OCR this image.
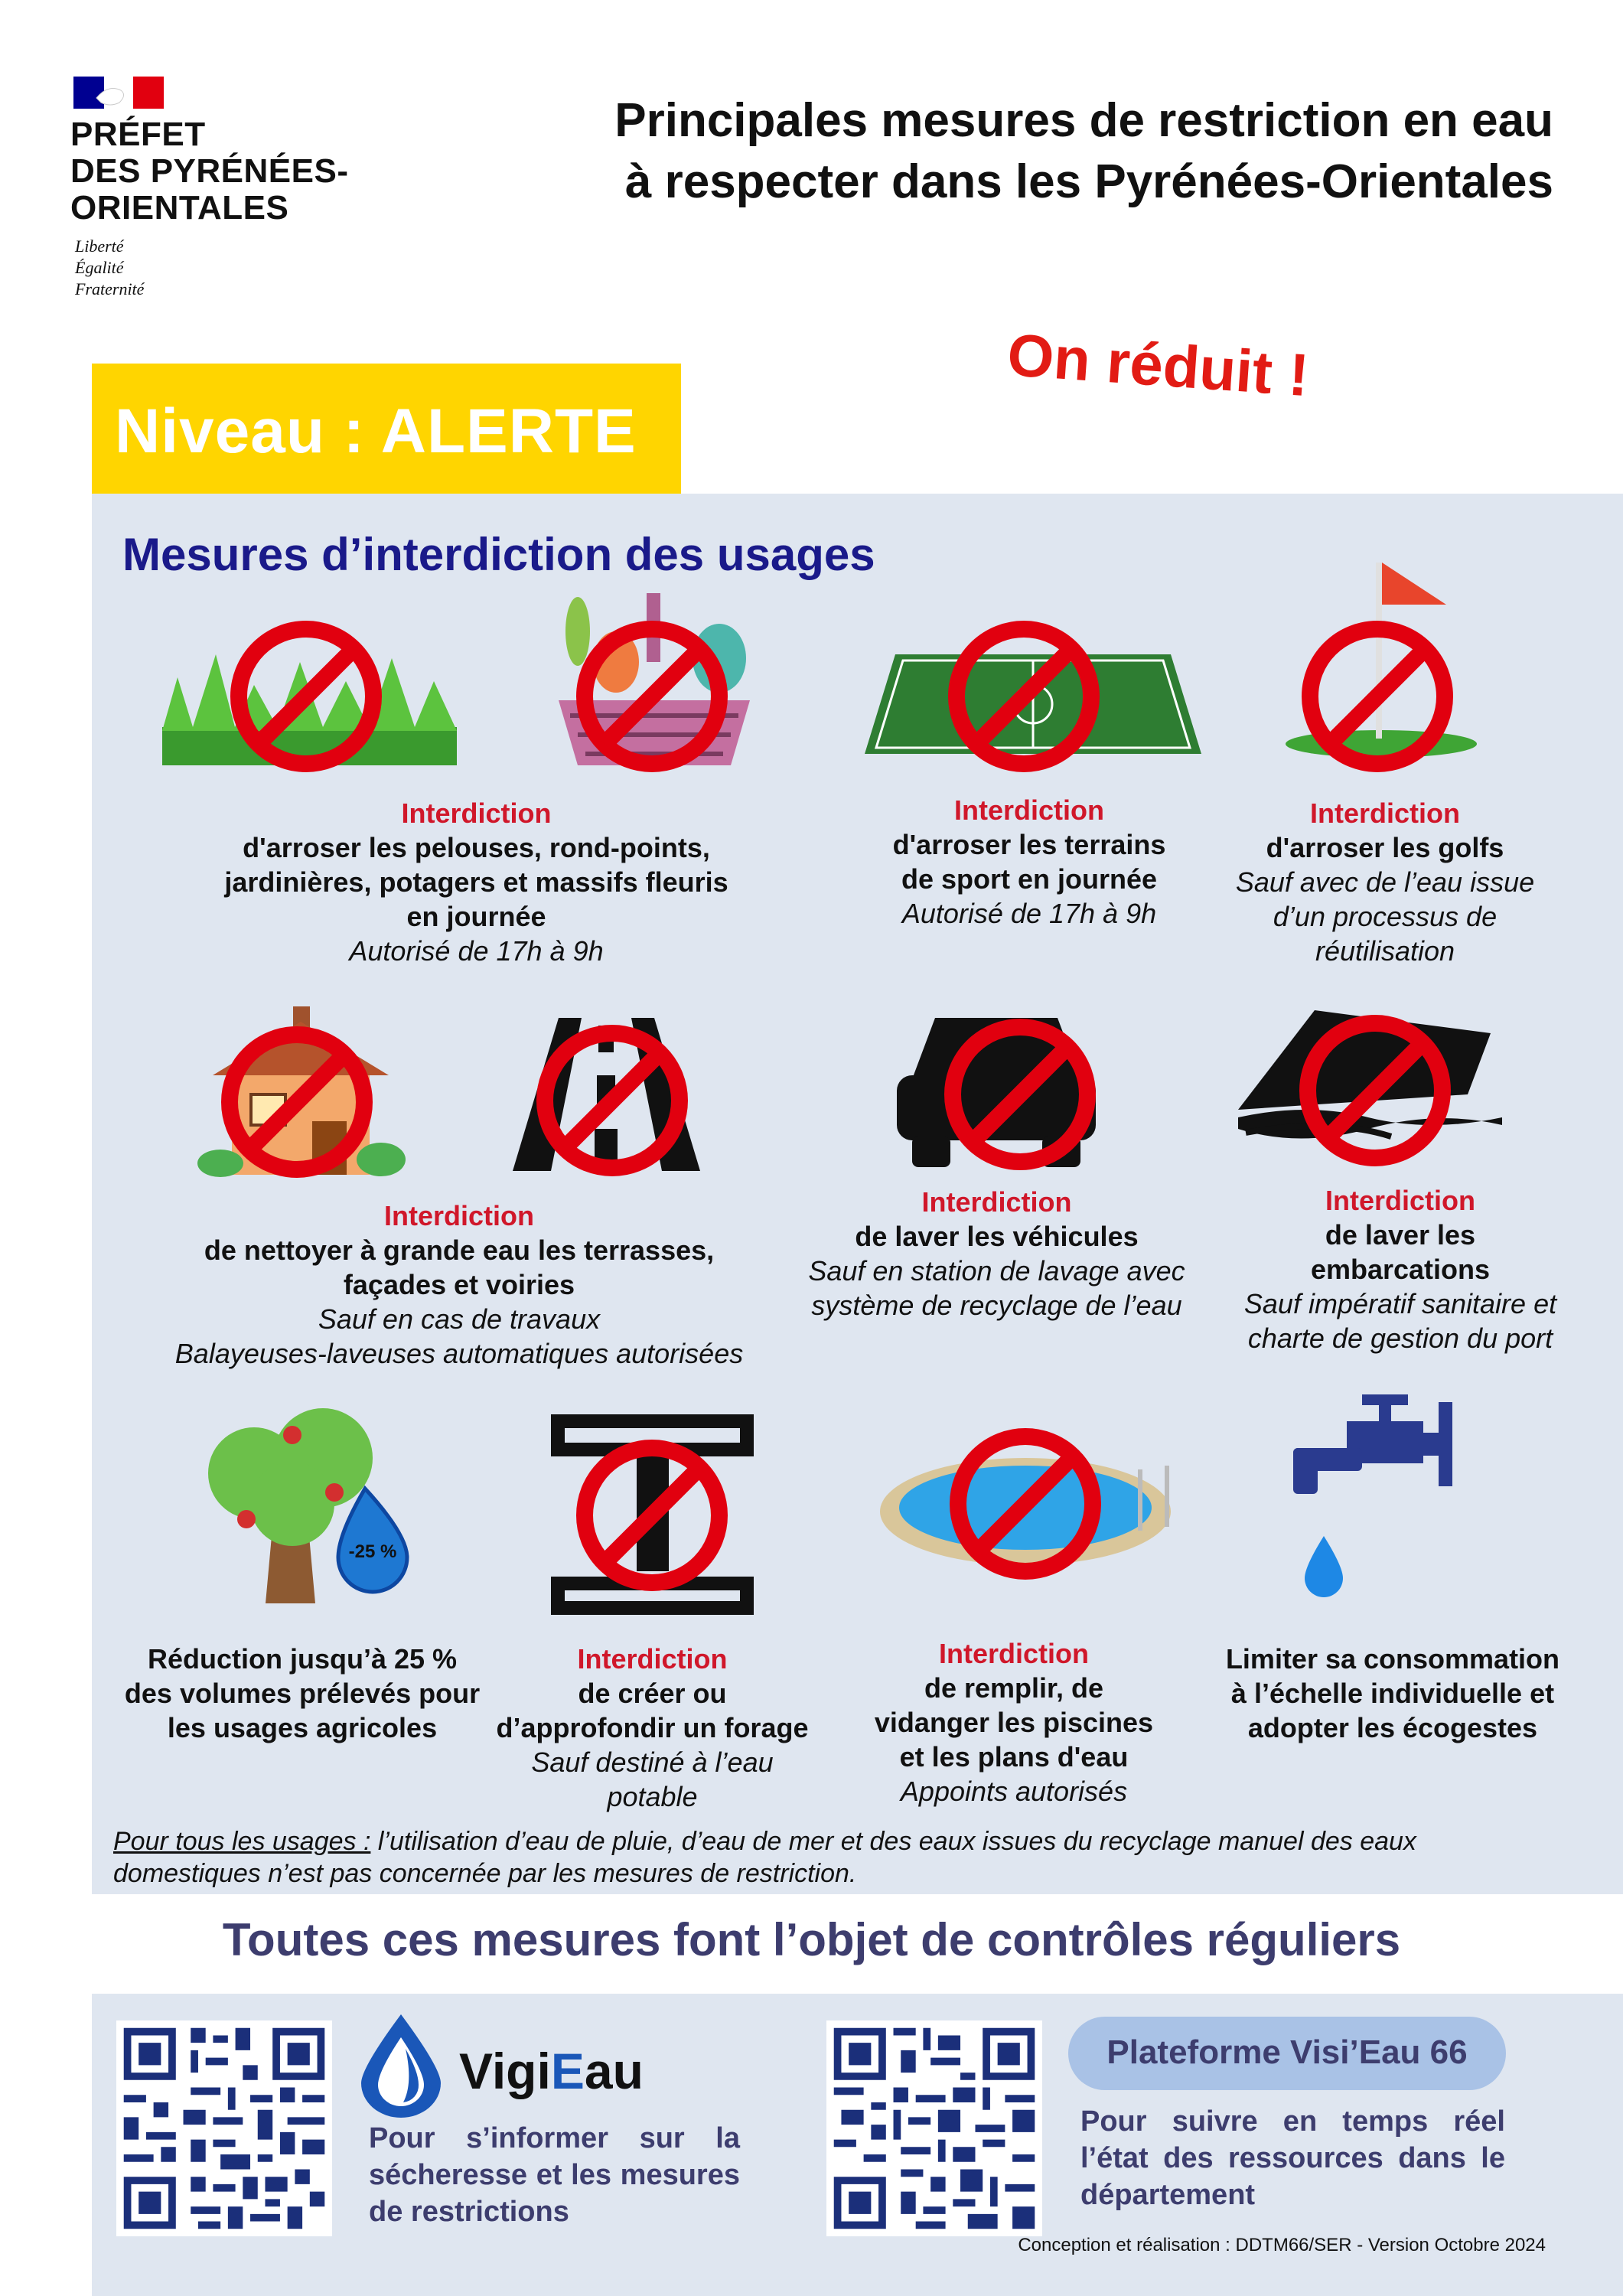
PRÉFET
DES PYRÉNÉES-
ORIENTALES
Liberté
Égalité
Fraternité
Principales mesures de restriction en eau
à respecter dans les Pyrénées-Orientales
On réduit !
Niveau : ALERTE
Mesures d’interdiction des usages
Interdiction
d'arroser les pelouses, rond-points,
jardinières, potagers et massifs fleuris
en journée
Autorisé de 17h à 9h
Interdiction
d'arroser les terrains
de sport en journée
Autorisé de 17h à 9h
Interdiction
d'arroser les golfs
Sauf avec de l’eau issue
d’un processus de
réutilisation
Interdiction
de nettoyer à grande eau les terrasses,
façades et voiries
Sauf en cas de travaux
Balayeuses-laveuses automatiques autorisées
Interdiction
de laver les véhicules
Sauf en station de lavage avec
système de recyclage de l’eau
Interdiction
de laver les
embarcations
Sauf impératif sanitaire et
charte de gestion du port
-25 %
Réduction jusqu’à 25 %
des volumes prélevés pour
les usages agricoles
Interdiction
de créer ou
d’approfondir un forage
Sauf destiné à l’eau
potable
Interdiction
de remplir, de
vidanger les piscines
et les plans d'eau
Appoints autorisés
Limiter sa consommation
à l’échelle individuelle et
adopter les écogestes
Pour tous les usages : l’utilisation d’eau de pluie, d’eau de mer et des eaux issues du recyclage manuel des eaux domestiques n’est pas concernée par les mesures de restriction.
Toutes ces mesures font l’objet de contrôles réguliers
VigiEau
Pour s’informer sur la sécheresse et les mesures de restrictions
Plateforme Visi’Eau 66
Pour suivre en temps réel l’état des ressources dans le département
Conception et réalisation : DDTM66/SER - Version Octobre 2024
